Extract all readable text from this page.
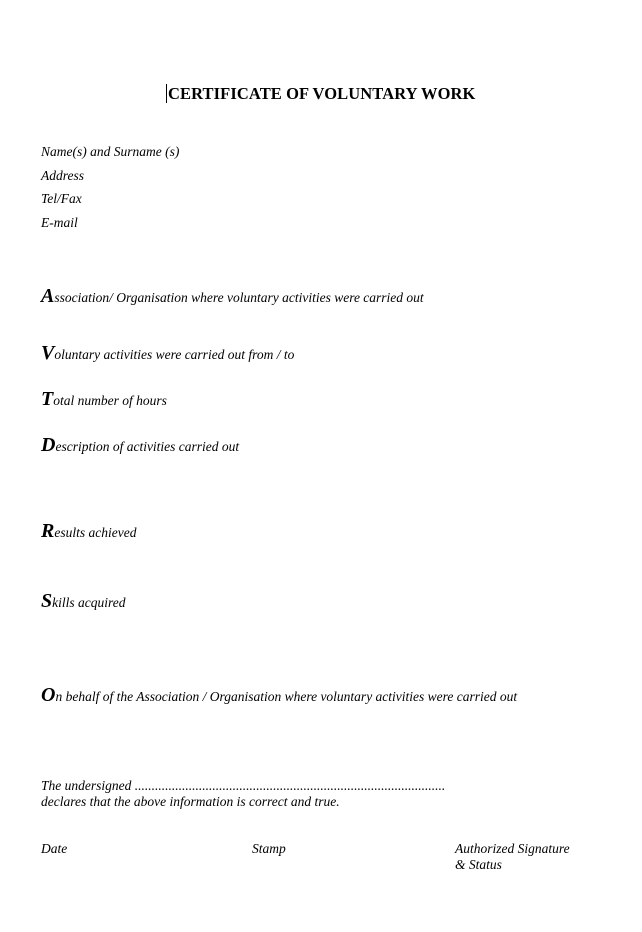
CERTIFICATE OF VOLUNTARY WORK
Name(s) and Surname (s)
Address
Tel/Fax
E-mail
Association/ Organisation where voluntary activities were carried out
Voluntary activities were carried out from / to
Total number of hours
Description of activities carried out
Results achieved
Skills acquired
On behalf of the Association / Organisation where voluntary activities were carried out
The undersigned ............................................................................................
declares that the above information is correct and true.
Date	Stamp	Authorized Signature
& Status
